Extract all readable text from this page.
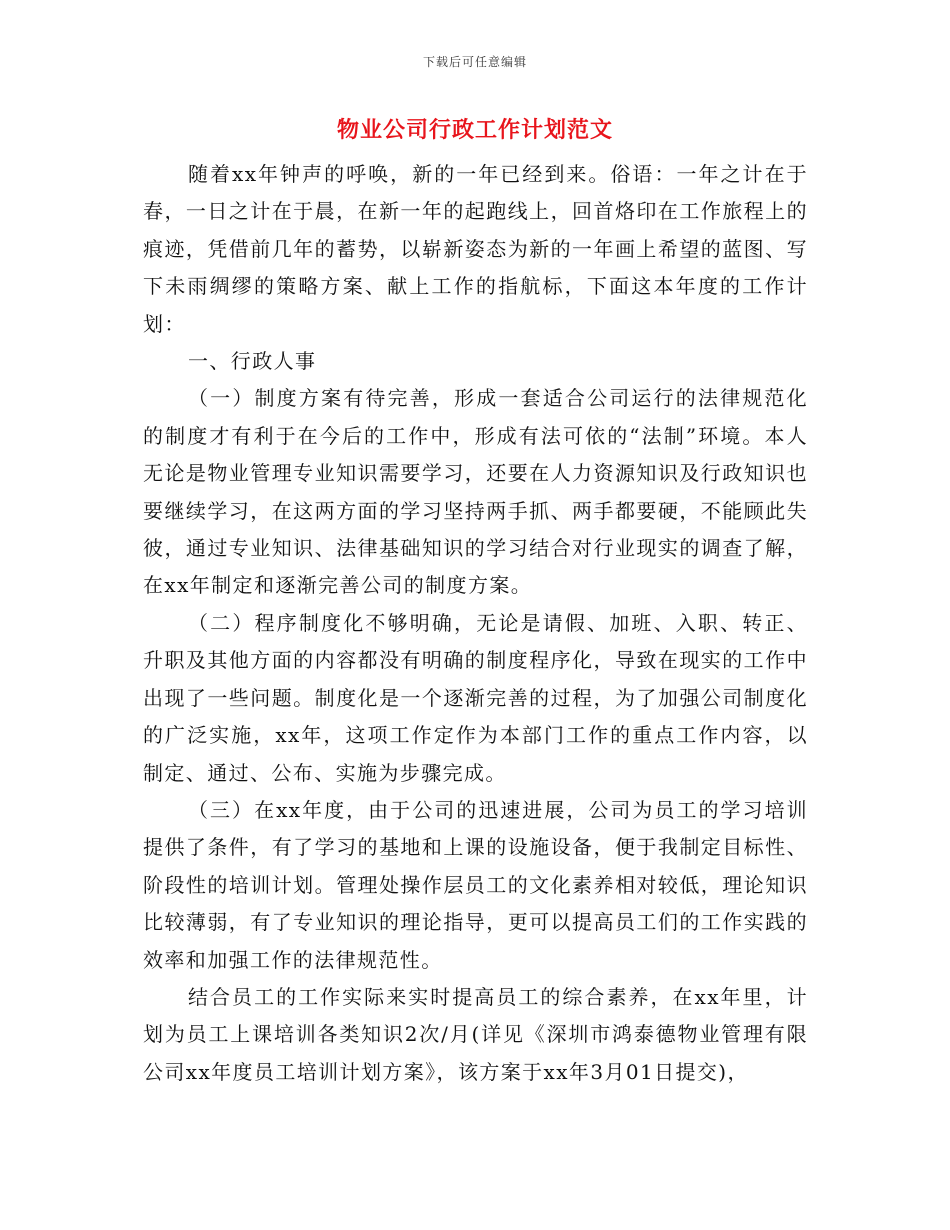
下载后可任意编辑
物业公司行政工作计划范文

随着xx年钟声的呼唤，新的一年已经到来。俗语：一年之计在于春，一日之计在于晨，在新一年的起跑线上，回首烙印在工作旅程上的痕迹，凭借前几年的蓄势，以崭新姿态为新的一年画上希望的蓝图、写下未雨绸缪的策略方案、献上工作的指航标，下面这本年度的工作计划：

一、行政人事

（一）制度方案有待完善，形成一套适合公司运行的法律规范化的制度才有利于在今后的工作中，形成有法可依的“法制”环境。本人无论是物业管理专业知识需要学习，还要在人力资源知识及行政知识也要继续学习，在这两方面的学习坚持两手抓、两手都要硬，不能顾此失彼，通过专业知识、法律基础知识的学习结合对行业现实的调查了解，在xx年制定和逐渐完善公司的制度方案。

（二）程序制度化不够明确，无论是请假、加班、入职、转正、升职及其他方面的内容都没有明确的制度程序化，导致在现实的工作中出现了一些问题。制度化是一个逐渐完善的过程，为了加强公司制度化的广泛实施，xx年，这项工作定作为本部门工作的重点工作内容，以制定、通过、公布、实施为步骤完成。

（三）在xx年度，由于公司的迅速进展，公司为员工的学习培训提供了条件，有了学习的基地和上课的设施设备，便于我制定目标性、阶段性的培训计划。管理处操作层员工的文化素养相对较低，理论知识比较薄弱，有了专业知识的理论指导，更可以提高员工们的工作实践的效率和加强工作的法律规范性。

结合员工的工作实际来实时提高员工的综合素养，在xx年里，计划为员工上课培训各类知识2次/月(详见《深圳市鸿泰德物业管理有限公司xx年度员工培训计划方案》，该方案于xx年3月01日提交)，
